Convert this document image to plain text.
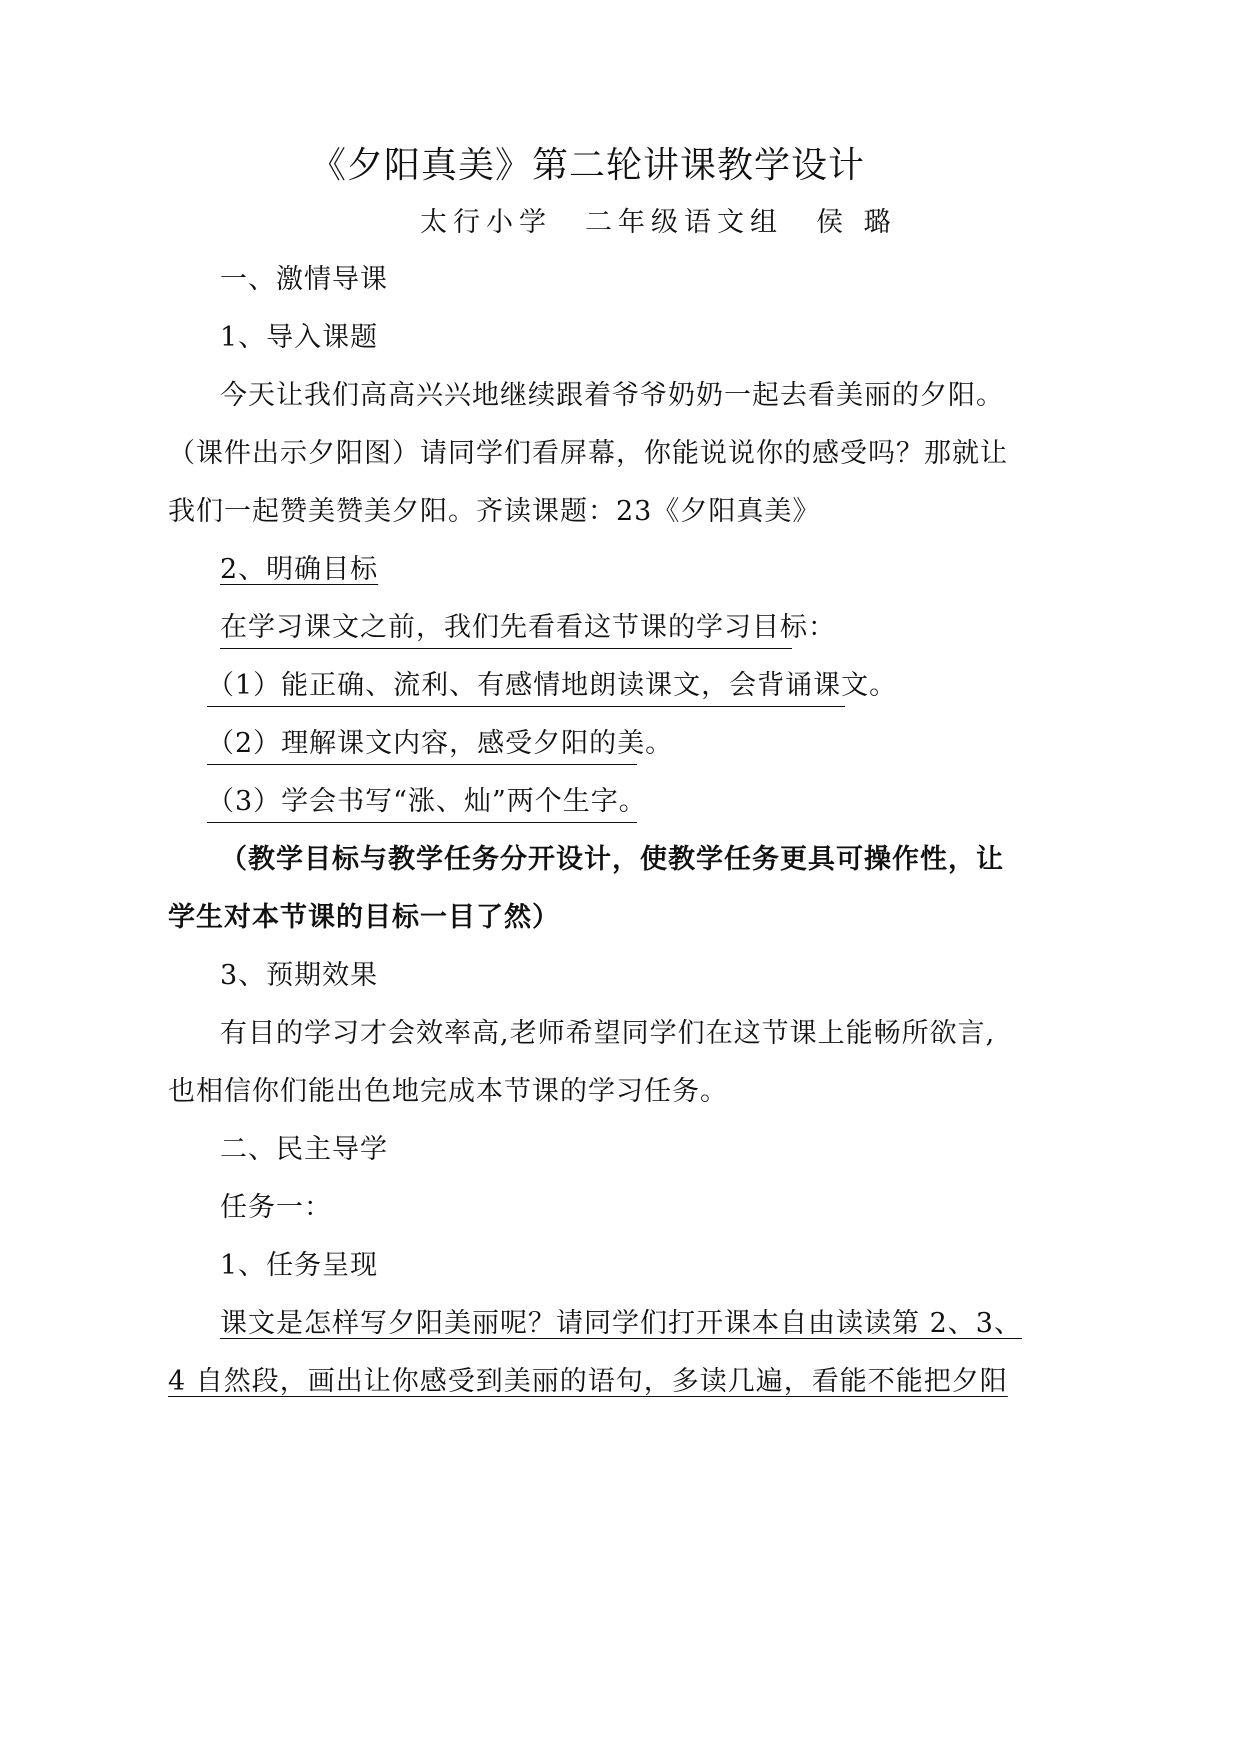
《夕阳真美》第二轮讲课教学设计
太行小学　二年级语文组　侯 璐
一、激情导课
1、导入课题
今天让我们高高兴兴地继续跟着爷爷奶奶一起去看美丽的夕阳。
（课件出示夕阳图）请同学们看屏幕，你能说说你的感受吗？那就让
我们一起赞美赞美夕阳。齐读课题：23《夕阳真美》
2、明确目标
在学习课文之前，我们先看看这节课的学习目标：
（1）能正确、流利、有感情地朗读课文，会背诵课文。
（2）理解课文内容，感受夕阳的美。
（3）学会书写“涨、灿”两个生字。
（教学目标与教学任务分开设计，使教学任务更具可操作性，让
学生对本节课的目标一目了然）
3、预期效果
有目的学习才会效率高,老师希望同学们在这节课上能畅所欲言,
也相信你们能出色地完成本节课的学习任务。
二、民主导学
任务一：
1、任务呈现
课文是怎样写夕阳美丽呢？请同学们打开课本自由读读第 2、3、
4 自然段，画出让你感受到美丽的语句，多读几遍，看能不能把夕阳
